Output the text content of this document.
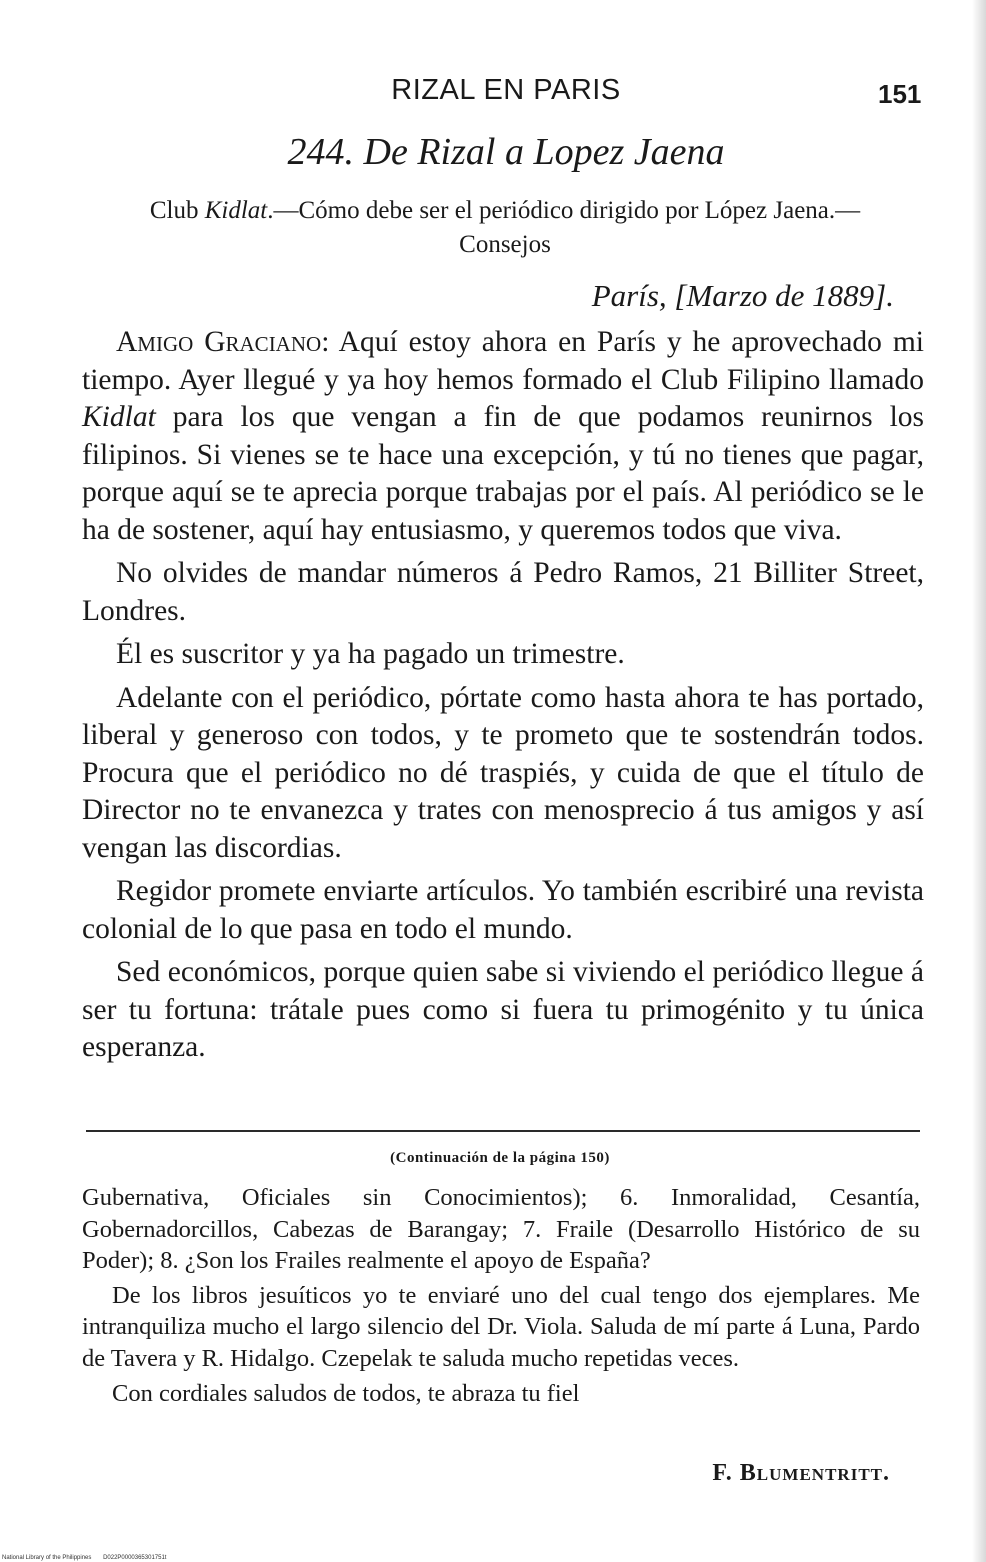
RIZAL EN PARIS	151
244. De Rizal a Lopez Jaena
Club Kidlat.—Cómo debe ser el periódico dirigido por López Jaena.—Consejos
París, [Marzo de 1889].

Amigo Graciano: Aquí estoy ahora en París y he aprovechado mi tiempo. Ayer llegué y ya hoy hemos formado el Club Filipino llamado Kidlat para los que vengan a fin de que podamos reunirnos los filipinos. Si vienes se te hace una excepción, y tú no tienes que pagar, porque aquí se te aprecia porque trabajas por el país. Al periódico se le ha de sostener, aquí hay entusiasmo, y queremos todos que viva.

No olvides de mandar números á Pedro Ramos, 21 Billiter Street, Londres.

Él es suscritor y ya ha pagado un trimestre.

Adelante con el periódico, pórtate como hasta ahora te has portado, liberal y generoso con todos, y te prometo que te sostendrán todos. Procura que el periódico no dé traspiés, y cuida de que el título de Director no te envanezca y trates con menosprecio á tus amigos y así vengan las discordias.

Regidor promete enviarte artículos. Yo también escribiré una revista colonial de lo que pasa en todo el mundo.

Sed económicos, porque quien sabe si viviendo el periódico llegue á ser tu fortuna: trátale pues como si fuera tu primogénito y tu única esperanza.

(Continuación de la página 150)

Gubernativa, Oficiales sin Conocimientos); 6. Inmoralidad, Cesantía, Gobernadorcillos, Cabezas de Barangay; 7. Fraile (Desarrollo Histórico de su Poder); 8. ¿Son los Frailes realmente el apoyo de España?

De los libros jesuíticos yo te enviaré uno del cual tengo dos ejemplares. Me intranquiliza mucho el largo silencio del Dr. Viola. Saluda de mí parte á Luna, Pardo de Tavera y R. Hidalgo. Czepelak te saluda mucho repetidas veces.

Con cordiales saludos de todos, te abraza tu fiel

F. Blumentritt.
National Library of the Philippines D022P0000365301751t
